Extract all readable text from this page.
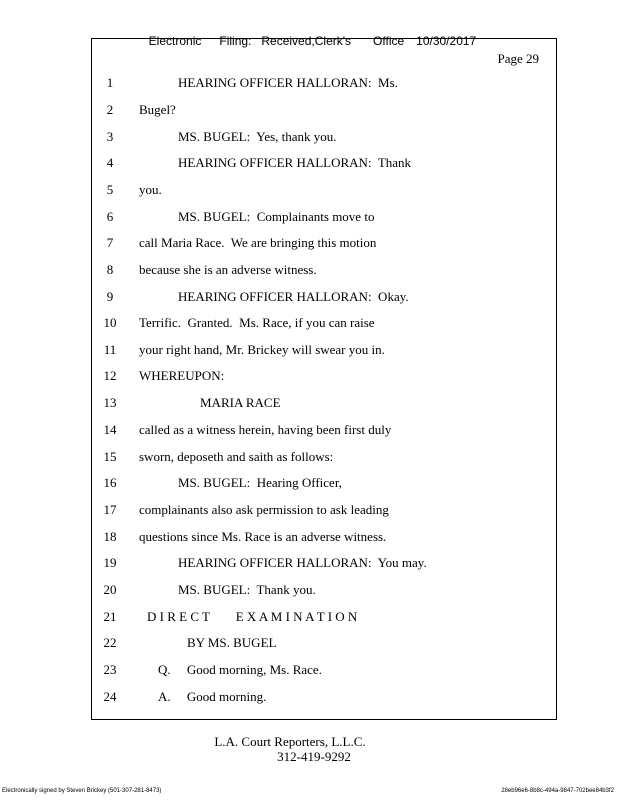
Electronic Filing: Received,Clerk's Office 10/30/2017

Page 29
1	HEARING OFFICER HALLORAN:  Ms.
2	Bugel?
3	MS. BUGEL:  Yes, thank you.
4	HEARING OFFICER HALLORAN:  Thank
5	you.
6	MS. BUGEL:  Complainants move to
7	call Maria Race.  We are bringing this motion
8	because she is an adverse witness.
9	HEARING OFFICER HALLORAN:  Okay.
10	Terrific.  Granted.  Ms. Race, if you can raise
11	your right hand, Mr. Brickey will swear you in.
12	WHEREUPON:
13	MARIA RACE
14	called as a witness herein, having been first duly
15	sworn, deposeth and saith as follows:
16	MS. BUGEL:  Hearing Officer,
17	complainants also ask permission to ask leading
18	questions since Ms. Race is an adverse witness.
19	HEARING OFFICER HALLORAN:  You may.
20	MS. BUGEL:  Thank you.
21	D I R E C T        E X A M I N A T I O N
22	BY MS. BUGEL
23	Q.     Good morning, Ms. Race.
24	A.     Good morning.
L.A. Court Reporters, L.L.C.
312-419-9292
Electronically signed by Steven Brickey (501-307-281-8473)	28eb96e6-8b8c-494a-9847-702bee84b3f2
